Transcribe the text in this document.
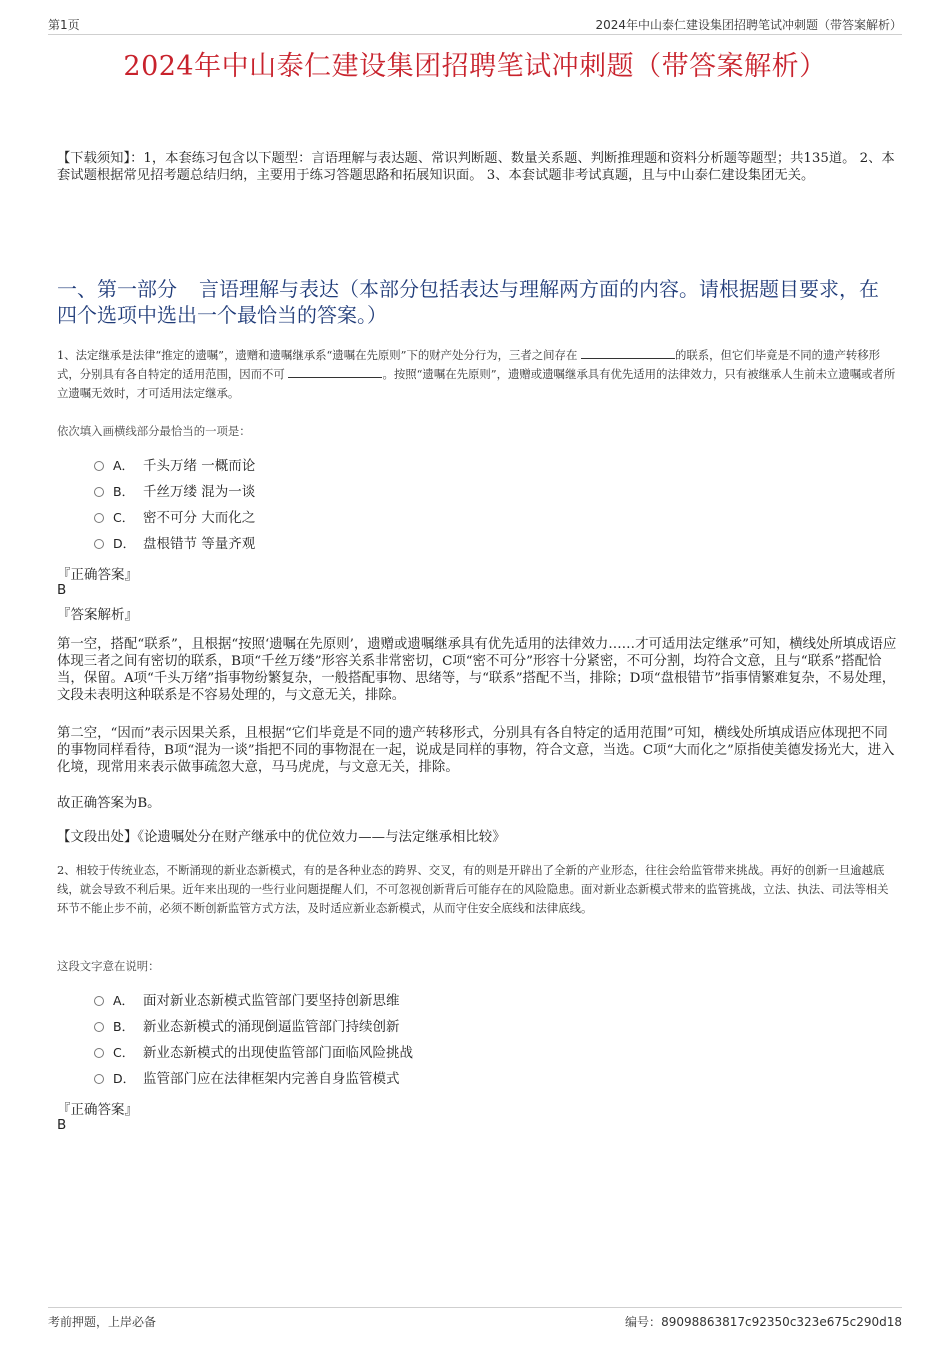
第1页	2024年中山泰仁建设集团招聘笔试冲刺题（带答案解析）
2024年中山泰仁建设集团招聘笔试冲刺题（带答案解析）
【下载须知】：1，本套练习包含以下题型：言语理解与表达题、常识判断题、数量关系题、判断推理题和资料分析题等题型；共135道。 2、本套试题根据常见招考题总结归纳，主要用于练习答题思路和拓展知识面。 3、本套试题非考试真题，且与中山泰仁建设集团无关。
一、第一部分 言语理解与表达（本部分包括表达与理解两方面的内容。请根据题目要求，在四个选项中选出一个最恰当的答案。）
1、法定继承是法律“推定的遗嘱”，遗赠和遗嘱继承系“遗嘱在先原则”下的财产处分行为，三者之间存在	的联系，但它们毕竟是不同的遗产转移形式，分别具有各自特定的适用范围，因而不可	。按照“遗嘱在先原则”，遗赠或遗嘱继承具有优先适用的法律效力，只有被继承人生前未立遗嘱或者所立遗嘱无效时，才可适用法定继承。
依次填入画横线部分最恰当的一项是：
A． 千头万绪 一概而论
B． 千丝万缕 混为一谈
C． 密不可分 大而化之
D． 盘根错节 等量齐观
『正确答案』
B
『答案解析』
第一空，搭配“联系”，且根据“按照‘遗嘱在先原则’，遗赠或遗嘱继承具有优先适用的法律效力……才可适用法定继承”可知，横线处所填成语应体现三者之间有密切的联系，B项“千丝万缕”形容关系非常密切，C项“密不可分”形容十分紧密，不可分割，均符合文意，且与“联系”搭配恰当，保留。A项“千头万绪”指事物纷繁复杂，一般搭配事物、思绪等，与“联系”搭配不当，排除；D项“盘根错节”指事情繁难复杂，不易处理，文段未表明这种联系是不容易处理的，与文意无关，排除。
第二空，“因而”表示因果关系，且根据“它们毕竟是不同的遗产转移形式，分别具有各自特定的适用范围”可知，横线处所填成语应体现把不同的事物同样看待，B项“混为一谈”指把不同的事物混在一起，说成是同样的事物，符合文意，当选。C项“大而化之”原指使美德发扬光大，进入化境，现常用来表示做事疏忽大意，马马虎虎，与文意无关，排除。
故正确答案为B。
【文段出处】《论遗嘱处分在财产继承中的优位效力——与法定继承相比较》
2、相较于传统业态，不断涌现的新业态新模式，有的是各种业态的跨界、交叉，有的则是开辟出了全新的产业形态，往往会给监管带来挑战。再好的创新一旦逾越底线，就会导致不利后果。近年来出现的一些行业问题提醒人们，不可忽视创新背后可能存在的风险隐患。面对新业态新模式带来的监管挑战，立法、执法、司法等相关环节不能止步不前，必须不断创新监管方式方法，及时适应新业态新模式，从而守住安全底线和法律底线。
这段文字意在说明：
A． 面对新业态新模式监管部门要坚持创新思维
B． 新业态新模式的涌现倒逼监管部门持续创新
C． 新业态新模式的出现使监管部门面临风险挑战
D． 监管部门应在法律框架内完善自身监管模式
『正确答案』
B
考前押题，上岸必备	编号：89098863817c92350c323e675c290d18
